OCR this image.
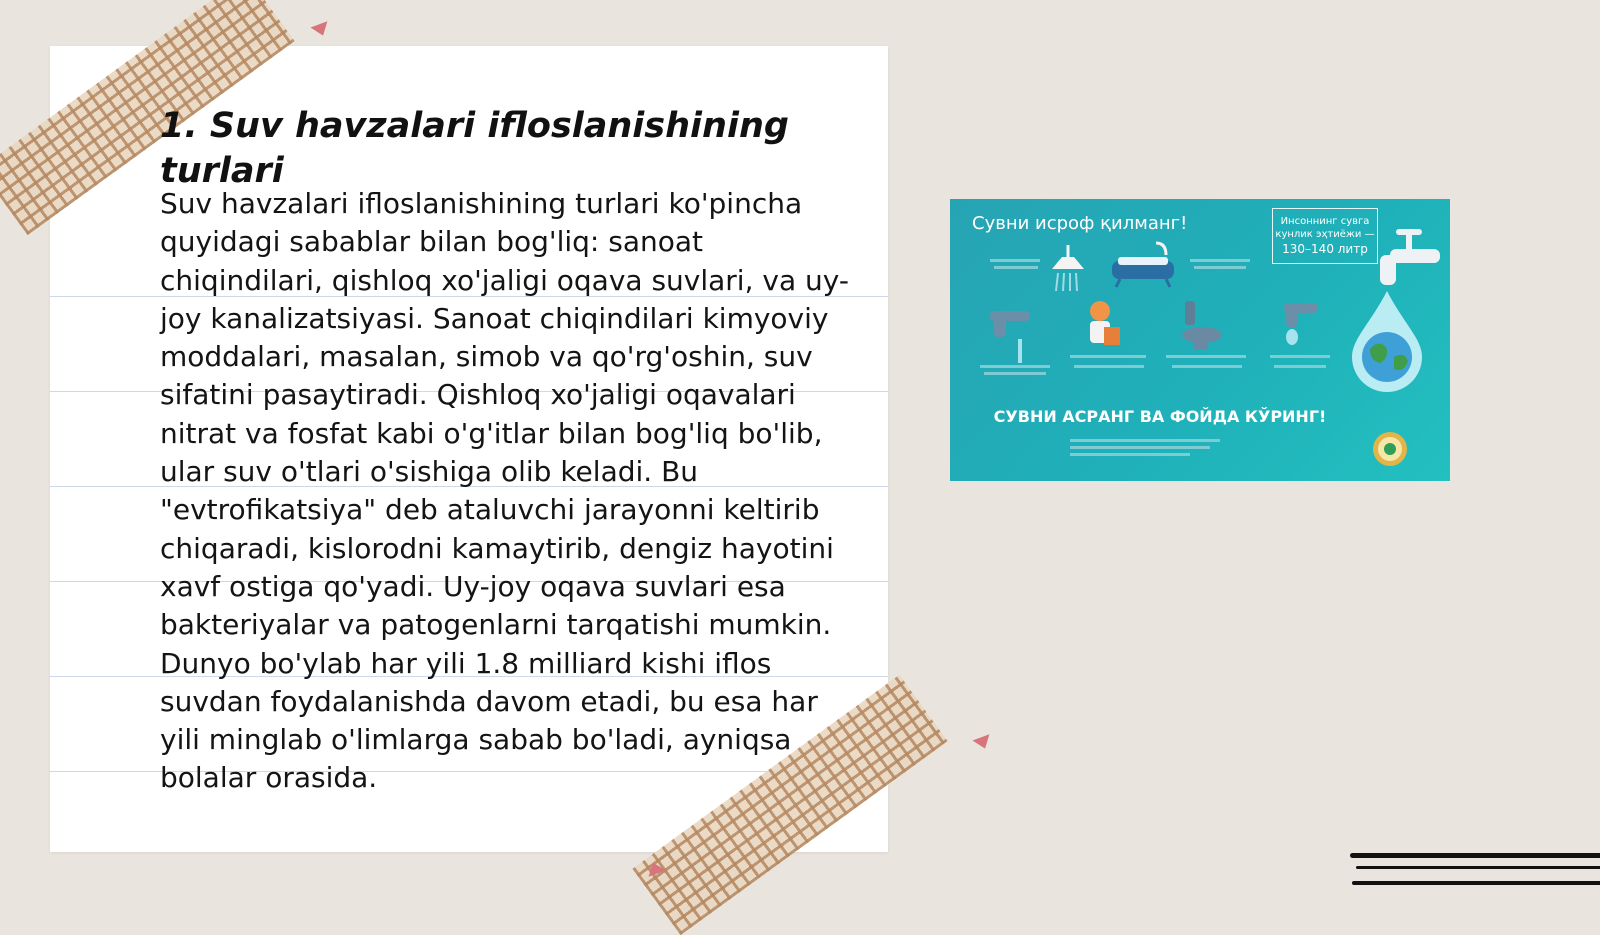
1. Suv havzalari ifloslanishining turlari

Suv havzalari ifloslanishining turlari ko'pincha quyidagi sabablar bilan bog'liq: sanoat chiqindilari, qishloq xo'jaligi oqava suvlari, va uy-joy kanalizatsiyasi. Sanoat chiqindilari kimyoviy moddalari, masalan, simob va qo'rg'oshin, suv sifatini pasaytiradi. Qishloq xo'jaligi oqavalari nitrat va fosfat kabi o'g'itlar bilan bog'liq bo'lib, ular suv o'tlari o'sishiga olib keladi. Bu "evtrofikatsiya" deb ataluvchi jarayonni keltirib chiqaradi, kislorodni kamaytirib, dengiz hayotini xavf ostiga qo'yadi. Uy-joy oqava suvlari esa bakteriyalar va patogenlarni tarqatishi mumkin. Dunyo bo'ylab har yili 1.8 milliard kishi iflos suvdan foydalanishda davom etadi, bu esa har yili minglab o'limlarga sabab bo'ladi, ayniqsa bolalar orasida.

Сувни исроф қилманг!	Инсоннинг сувга
кунлик эҳтиёжи —
130–140 литр
СУВНИ АСРАНГ ВА ФОЙДА КЎРИНГ!
